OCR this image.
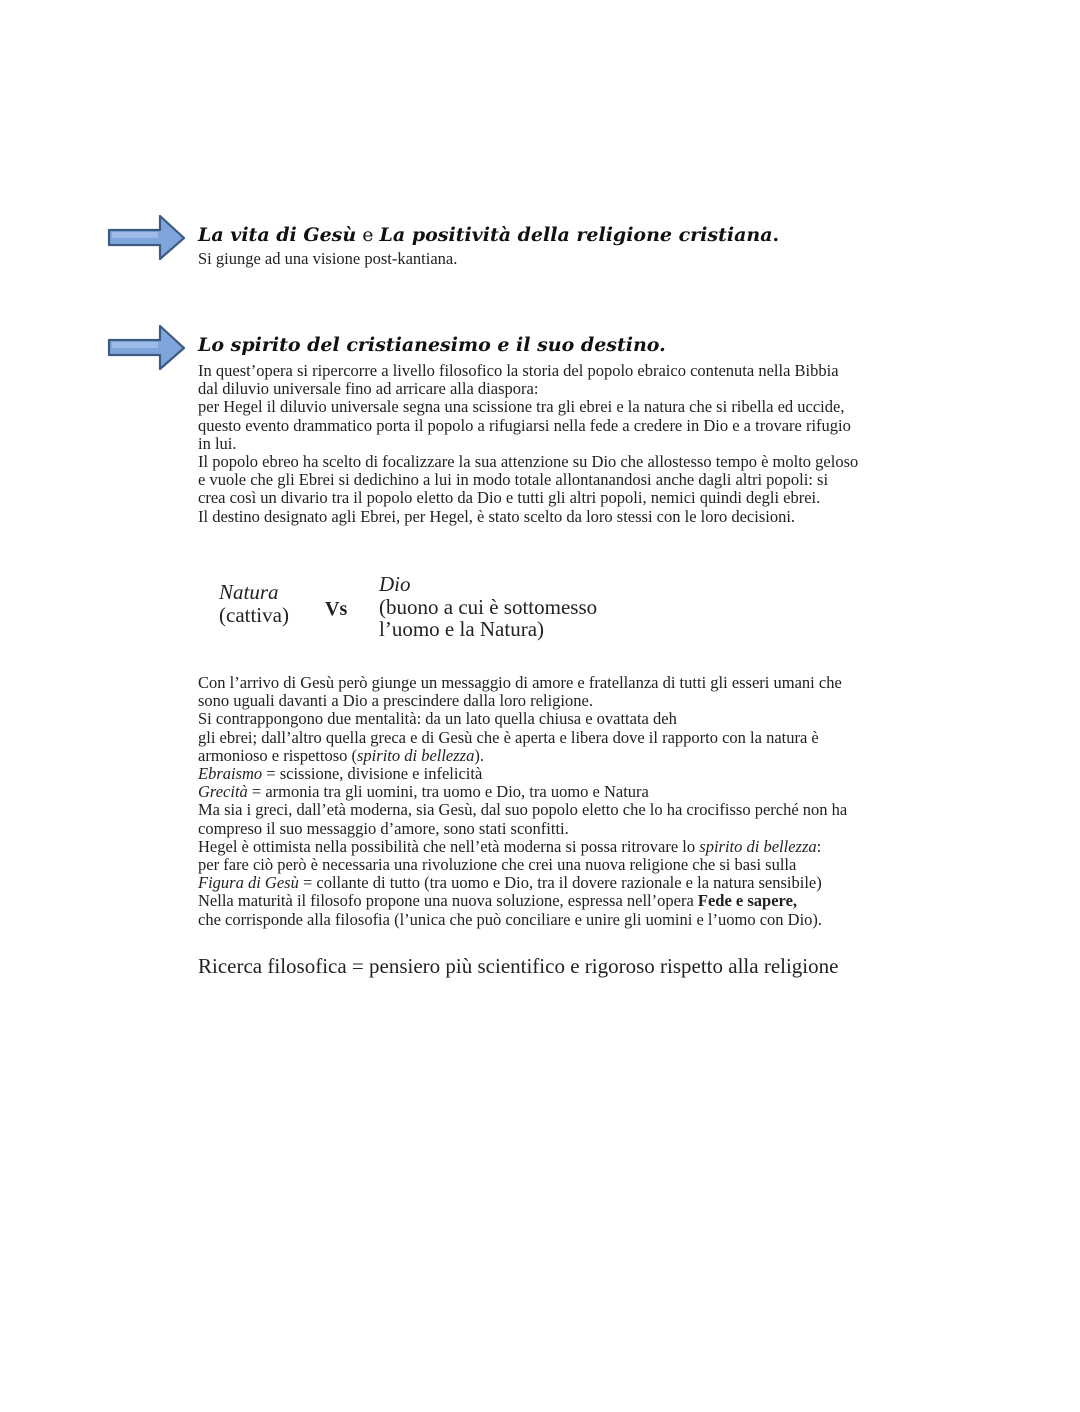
La vita di Gesù e La positività della religione cristiana.

Si giunge ad una visione post-kantiana.

Lo spirito del cristianesimo e il suo destino.

In quest’opera si ripercorre a livello filosofico la storia del popolo ebraico contenuta nella Bibbia

dal diluvio universale fino ad arricare alla diaspora:

per Hegel il diluvio universale segna una scissione tra gli ebrei e la natura che si ribella ed uccide,

questo evento drammatico porta il popolo a rifugiarsi nella fede a credere in Dio e a trovare rifugio

in lui.

Il popolo ebreo ha scelto di focalizzare la sua attenzione su Dio che allostesso tempo è molto geloso

e vuole che gli Ebrei si dedichino a lui in modo totale allontanandosi anche dagli altri popoli: si

crea così un divario tra il popolo eletto da Dio e tutti gli altri popoli, nemici quindi degli ebrei.

Il destino designato agli Ebrei, per Hegel, è stato scelto da loro stessi con le loro decisioni.

Natura

(cattiva) Vs

Dio

(buono a cui è sottomesso

l’uomo e la Natura)

Con l’arrivo di Gesù però giunge un messaggio di amore e fratellanza di tutti gli esseri umani che

sono uguali davanti a Dio a prescindere dalla loro religione.

Si contrappongono due mentalità: da un lato quella chiusa e ovattata deh

gli ebrei; dall’altro quella greca e di Gesù che è aperta e libera dove il rapporto con la natura è

armonioso e rispettoso (spirito di bellezza).

Ebraismo = scissione, divisione e infelicità

Grecità = armonia tra gli uomini, tra uomo e Dio, tra uomo e Natura

Ma sia i greci, dall’età moderna, sia Gesù, dal suo popolo eletto che lo ha crocifisso perché non ha

compreso il suo messaggio d’amore, sono stati sconfitti.

Hegel è ottimista nella possibilità che nell’età moderna si possa ritrovare lo spirito di bellezza:

per fare ciò però è necessaria una rivoluzione che crei una nuova religione che si basi sulla

Figura di Gesù = collante di tutto (tra uomo e Dio, tra il dovere razionale e la natura sensibile)

Nella maturità il filosofo propone una nuova soluzione, espressa nell’opera Fede e sapere,

che corrisponde alla filosofia (l’unica che può conciliare e unire gli uomini e l’uomo con Dio).

Ricerca filosofica = pensiero più scientifico e rigoroso rispetto alla religione
